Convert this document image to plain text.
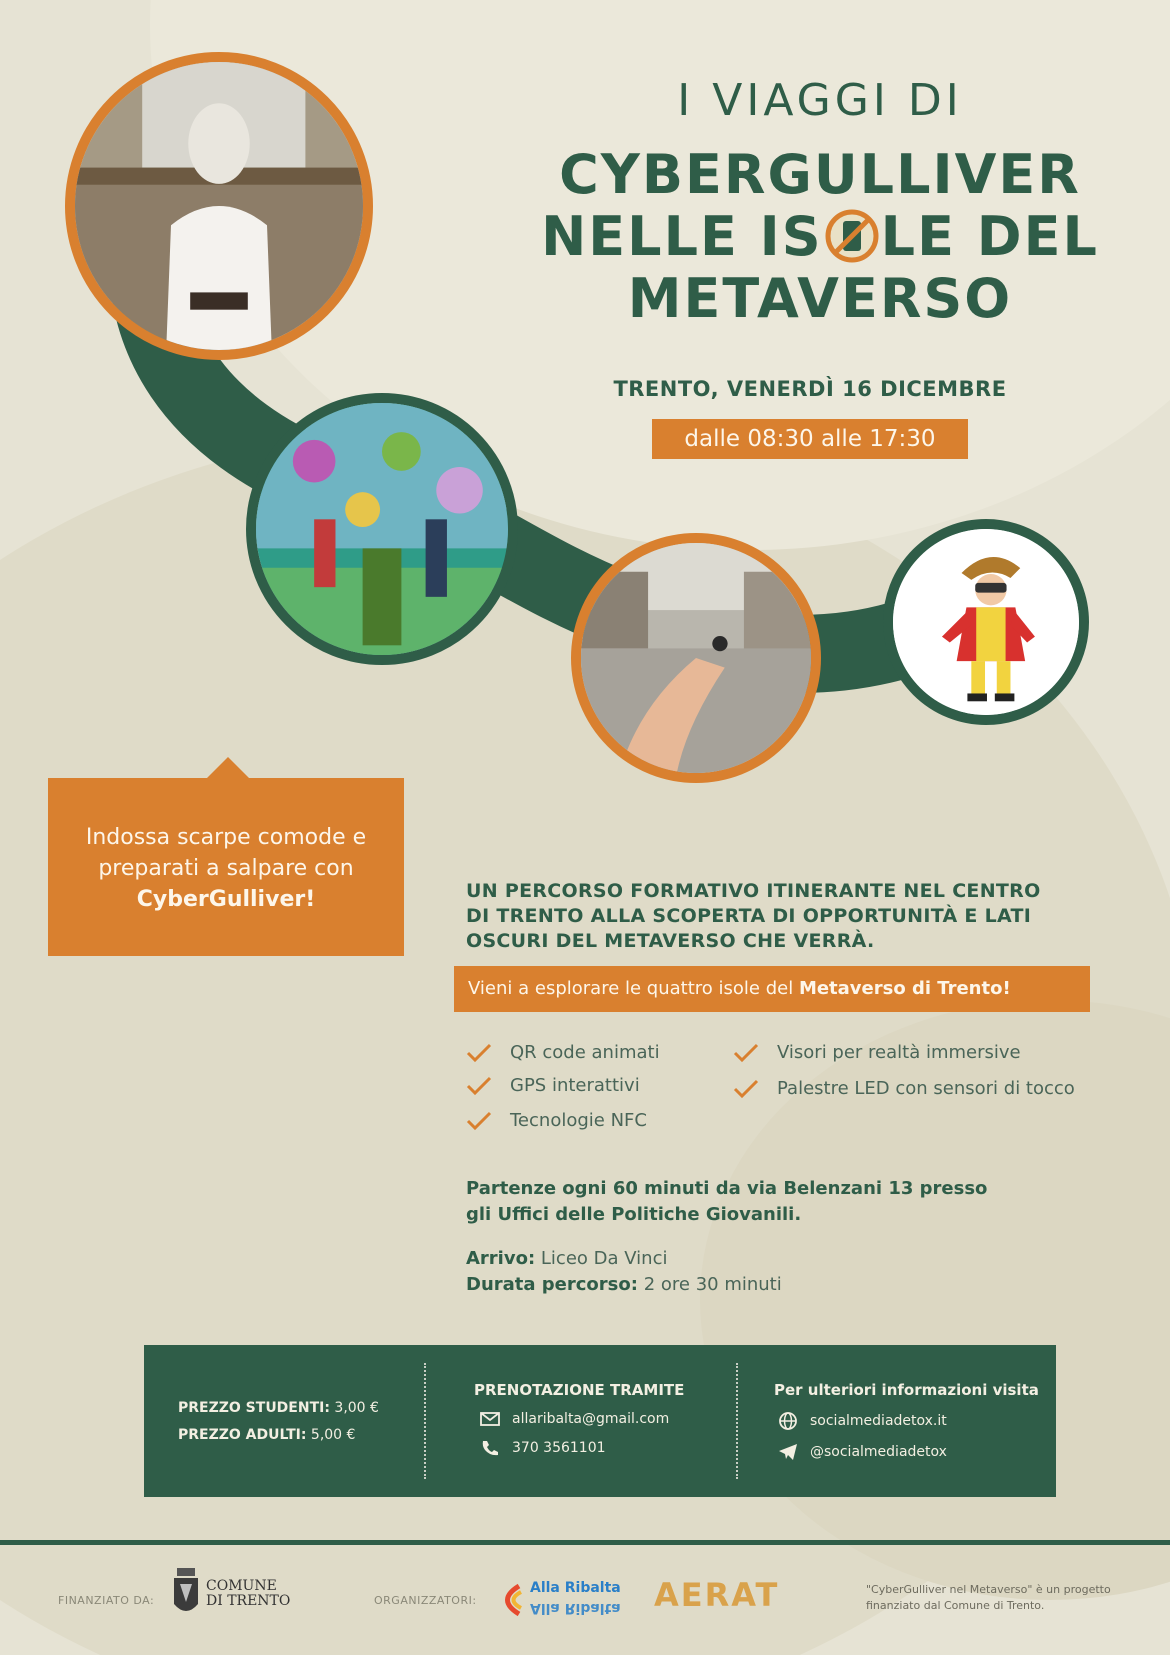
I VIAGGI DI
CYBERGULLIVER
NELLE IS LE DEL
METAVERSO
TRENTO, VENERDÌ 16 DICEMBRE
dalle 08:30 alle 17:30
Indossa scarpe comode e
preparati a salpare con
CyberGulliver!	UN PERCORSO FORMATIVO ITINERANTE NEL CENTRO
DI TRENTO ALLA SCOPERTA DI OPPORTUNITÀ E LATI
OSCURI DEL METAVERSO CHE VERRÀ.
Vieni a esplorare le quattro isole del Metaverso di Trento!
QR code animati
GPS interattivi
Tecnologie NFC
Visori per realtà immersive
Palestre LED con sensori di tocco
Partenze ogni 60 minuti da via Belenzani 13 presso
gli Uffici delle Politiche Giovanili.
Arrivo: Liceo Da Vinci
Durata percorso: 2 ore 30 minuti
PREZZO STUDENTI: 3,00 €
PREZZO ADULTI: 5,00 €
PRENOTAZIONE TRAMITE
allaribalta@gmail.com
370 3561101
Per ulteriori informazioni visita
socialmediadetox.it
@socialmediadetox
FINANZIATO DA:
COMUNE
DI TRENTO	ORGANIZZATORI:
Alla Ribalta
Alla Ribalta AERAT	"CyberGulliver nel Metaverso" è un progetto
finanziato dal Comune di Trento.
